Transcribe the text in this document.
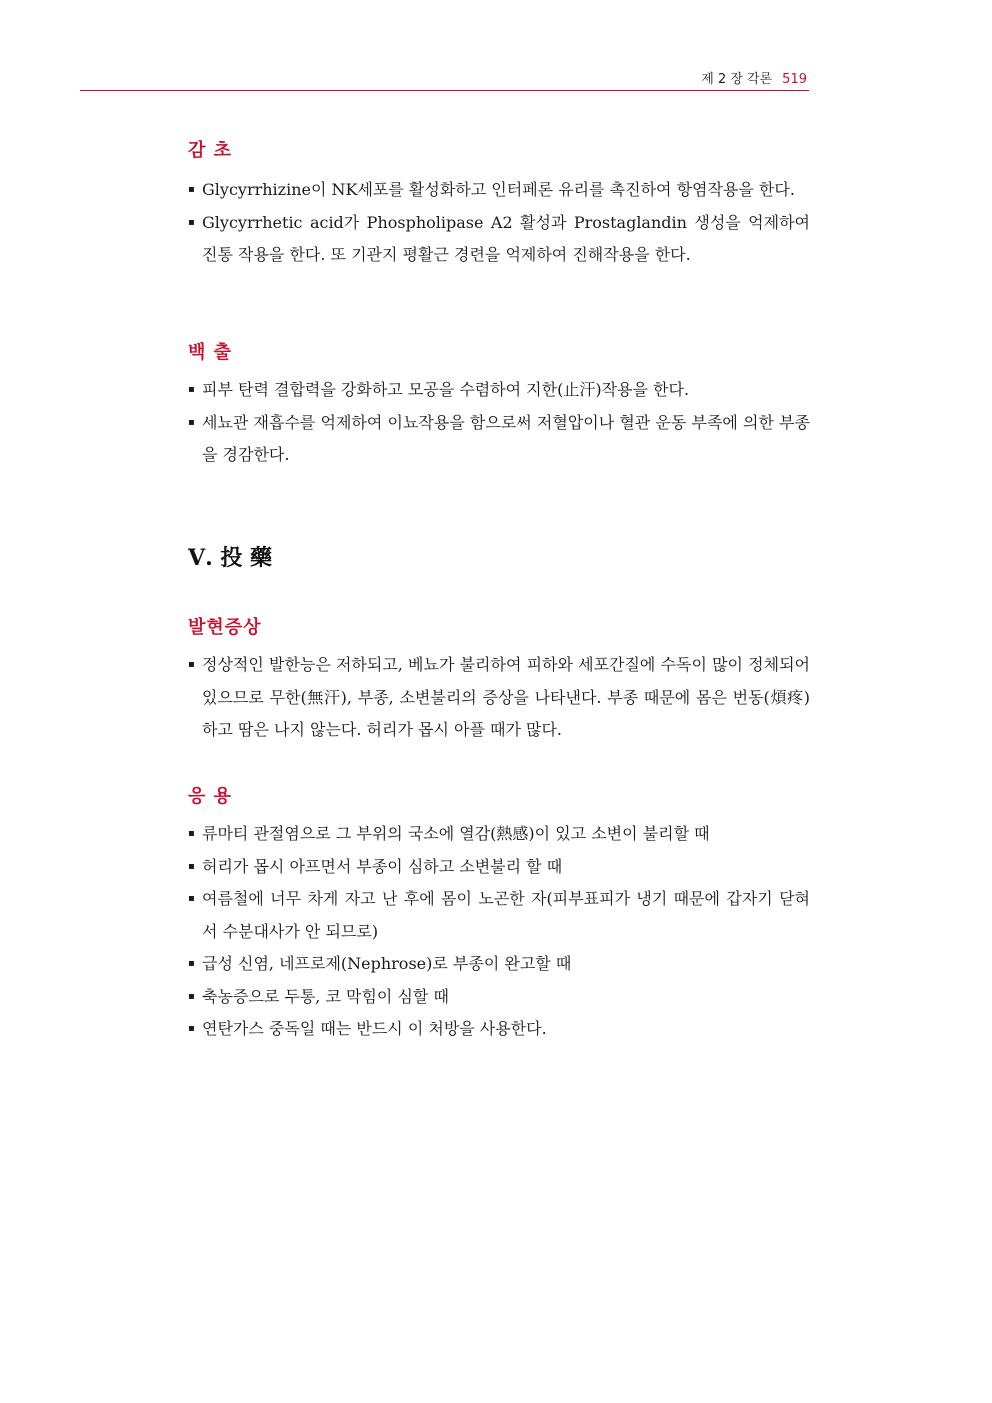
제 2 장 각론 519
감 초
▪ Glycyrrhizine이 NK세포를 활성화하고 인터페론 유리를 촉진하여 항염작용을 한다.
▪ Glycyrrhetic acid가 Phospholipase A2 활성과 Prostaglandin 생성을 억제하여 진통 작용을 한다. 또 기관지 평활근 경련을 억제하여 진해작용을 한다.
백 출
▪ 피부 탄력 결합력을 강화하고 모공을 수렴하여 지한(止汗)작용을 한다.
▪ 세뇨관 재흡수를 억제하여 이뇨작용을 함으로써 저혈압이나 혈관 운동 부족에 의한 부종을 경감한다.
Ⅴ. 投 藥
발현증상
▪ 정상적인 발한능은 저하되고, 베뇨가 불리하여 피하와 세포간질에 수독이 많이 정체되어 있으므로 무한(無汗), 부종, 소변불리의 증상을 나타낸다. 부종 때문에 몸은 번동(煩疼)하고 땀은 나지 않는다. 허리가 몹시 아플 때가 많다.
응 용
▪ 류마티 관절염으로 그 부위의 국소에 열감(熱感)이 있고 소변이 불리할 때
▪ 허리가 몹시 아프면서 부종이 심하고 소변불리 할 때
▪ 여름철에 너무 차게 자고 난 후에 몸이 노곤한 자(피부표피가 냉기 때문에 갑자기 닫혀서 수분대사가 안 되므로)
▪ 급성 신염, 네프로제(Nephrose)로 부종이 완고할 때
▪ 축농증으로 두통, 코 막힘이 심할 때
▪ 연탄가스 중독일 때는 반드시 이 처방을 사용한다.
